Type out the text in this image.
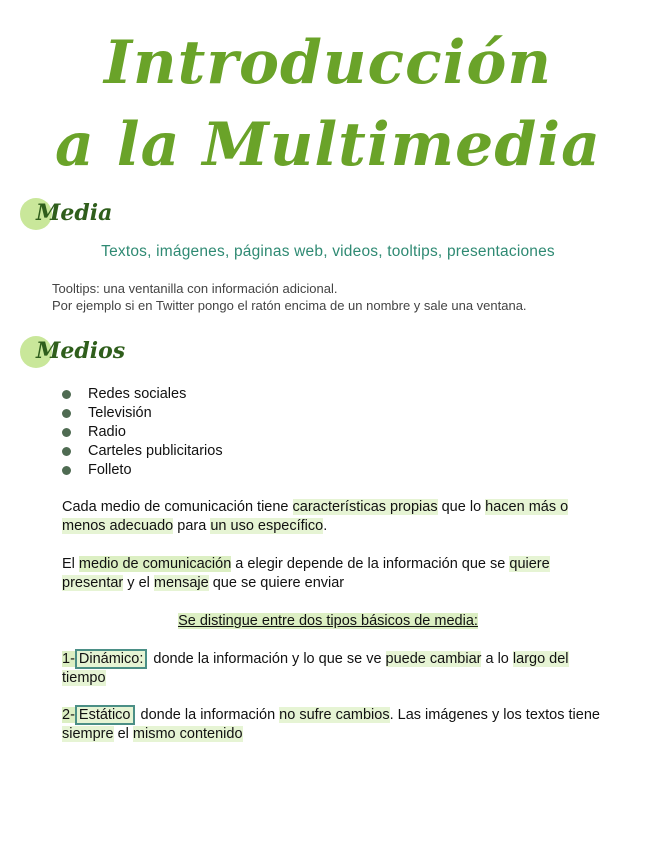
Introducción
a la Multimedia
Media
Textos, imágenes, páginas web, videos, tooltips, presentaciones
Tooltips: una ventanilla con información adicional.
Por ejemplo si en Twitter pongo el ratón encima de un nombre y sale una ventana.
Medios
Redes sociales
Televisión
Radio
Carteles publicitarios
Folleto
Cada medio de comunicación tiene características propias que lo hacen más o menos adecuado para un uso específico.
El medio de comunicación a elegir depende de la información que se quiere presentar y el mensaje que se quiere enviar
Se distingue entre dos tipos básicos de media:
1- Dinámico: donde la información y lo que se ve puede cambiar a lo largo del tiempo
2- Estático donde la información no sufre cambios. Las imágenes y los textos tiene siempre el mismo contenido
